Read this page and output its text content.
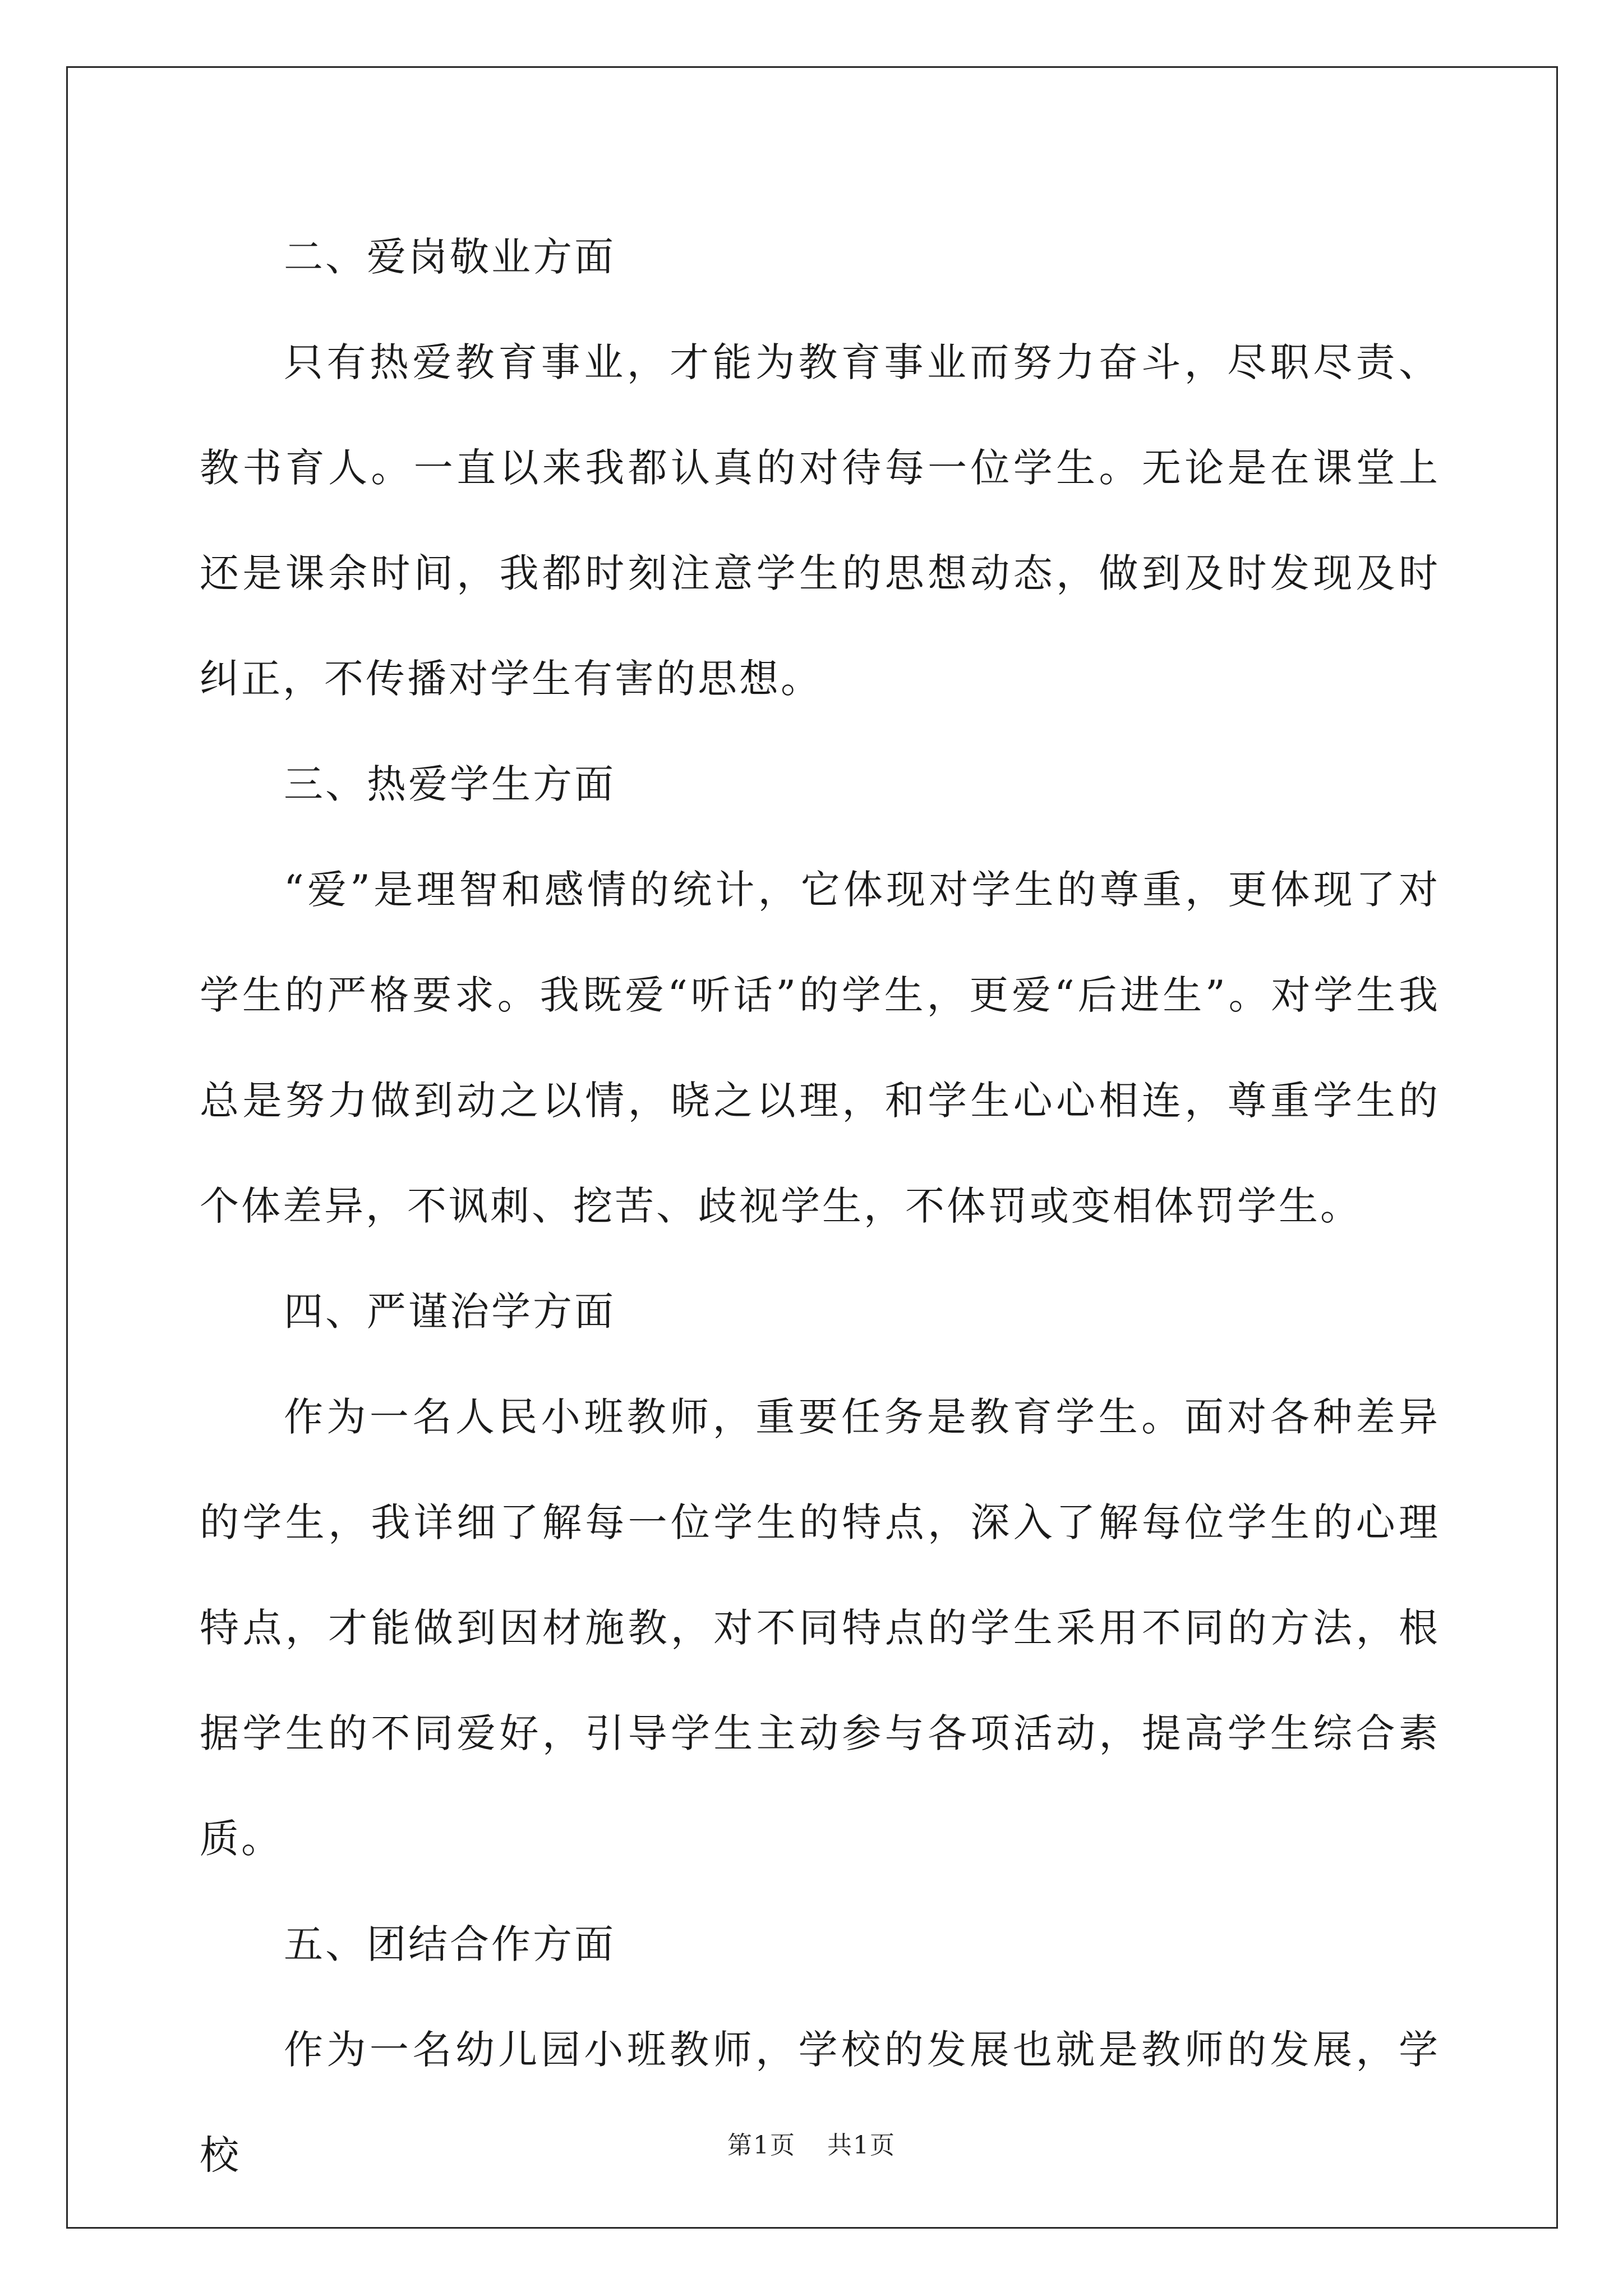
二、爱岗敬业方面

只有热爱教育事业，才能为教育事业而努力奋斗，尽职尽责、教书育人。一直以来我都认真的对待每一位学生。无论是在课堂上还是课余时间，我都时刻注意学生的思想动态，做到及时发现及时纠正，不传播对学生有害的思想。

三、热爱学生方面

“爱”是理智和感情的统计，它体现对学生的尊重，更体现了对学生的严格要求。我既爱“听话”的学生，更爱“后进生”。对学生我总是努力做到动之以情，晓之以理，和学生心心相连，尊重学生的个体差异，不讽刺、挖苦、歧视学生，不体罚或变相体罚学生。

四、严谨治学方面

作为一名人民小班教师，重要任务是教育学生。面对各种差异的学生，我详细了解每一位学生的特点，深入了解每位学生的心理特点，才能做到因材施教，对不同特点的学生采用不同的方法，根据学生的不同爱好，引导学生主动参与各项活动，提高学生综合素质。

五、团结合作方面

作为一名幼儿园小班教师，学校的发展也就是教师的发展，学校	第1页 共1页
